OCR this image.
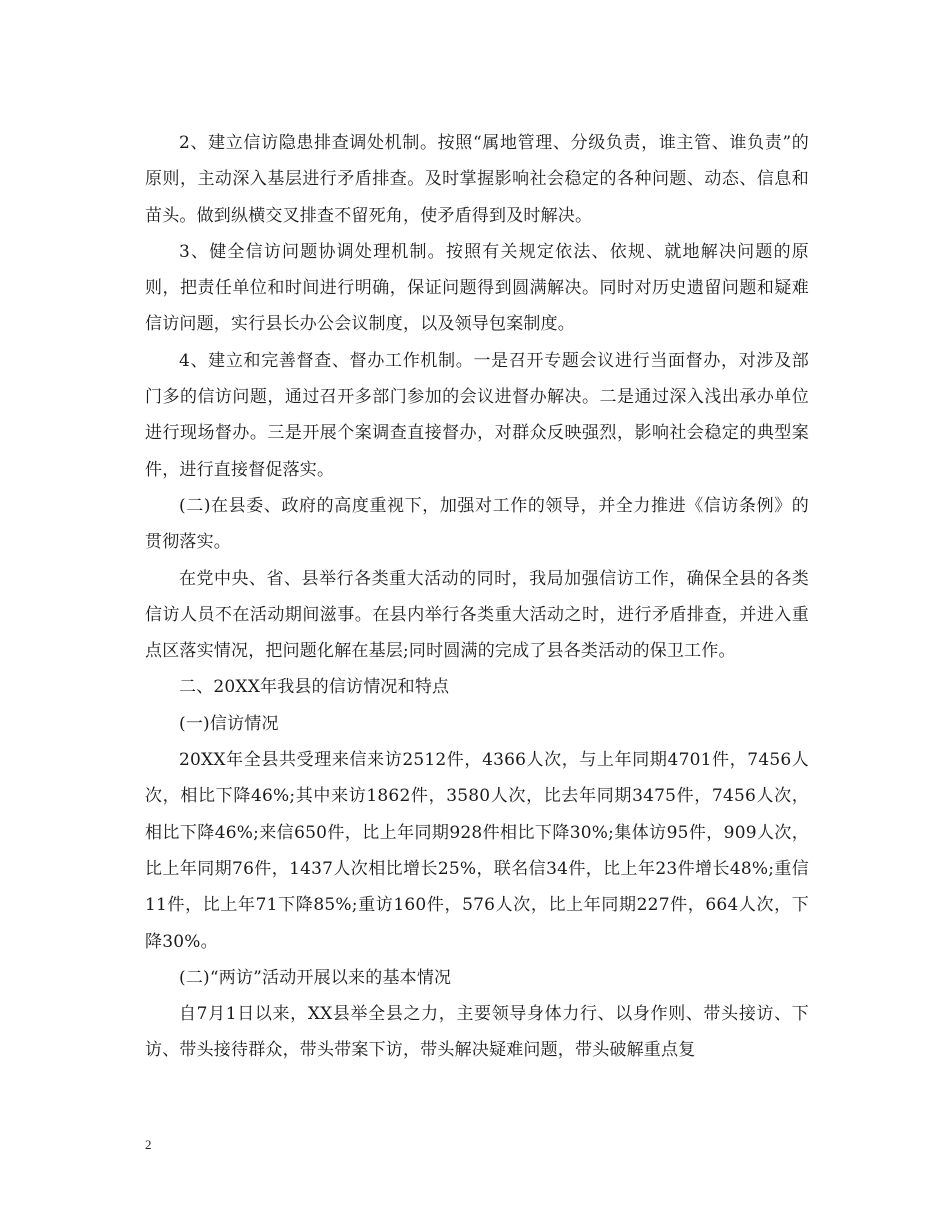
2、建立信访隐患排查调处机制。按照“属地管理、分级负责，谁主管、谁负责”的原则，主动深入基层进行矛盾排查。及时掌握影响社会稳定的各种问题、动态、信息和苗头。做到纵横交叉排查不留死角，使矛盾得到及时解决。

3、健全信访问题协调处理机制。按照有关规定依法、依规、就地解决问题的原则，把责任单位和时间进行明确，保证问题得到圆满解决。同时对历史遗留问题和疑难信访问题，实行县长办公会议制度，以及领导包案制度。

4、建立和完善督查、督办工作机制。一是召开专题会议进行当面督办，对涉及部门多的信访问题，通过召开多部门参加的会议进督办解决。二是通过深入浅出承办单位进行现场督办。三是开展个案调查直接督办，对群众反映强烈，影响社会稳定的典型案件，进行直接督促落实。

(二)在县委、政府的高度重视下，加强对工作的领导，并全力推进《信访条例》的贯彻落实。

在党中央、省、县举行各类重大活动的同时，我局加强信访工作，确保全县的各类信访人员不在活动期间滋事。在县内举行各类重大活动之时，进行矛盾排查，并进入重点区落实情况，把问题化解在基层;同时圆满的完成了县各类活动的保卫工作。

二、20XX年我县的信访情况和特点

(一)信访情况

20XX年全县共受理来信来访2512件，4366人次，与上年同期4701件，7456人次，相比下降46%;其中来访1862件，3580人次，比去年同期3475件，7456人次，相比下降46%;来信650件，比上年同期928件相比下降30%;集体访95件，909人次，比上年同期76件，1437人次相比增长25%，联名信34件，比上年23件增长48%;重信11件，比上年71下降85%;重访160件，576人次，比上年同期227件，664人次，下降30%。

(二)“两访”活动开展以来的基本情况

自7月1日以来，XX县举全县之力，主要领导身体力行、以身作则、带头接访、下访、带头接待群众，带头带案下访，带头解决疑难问题，带头破解重点复

2
